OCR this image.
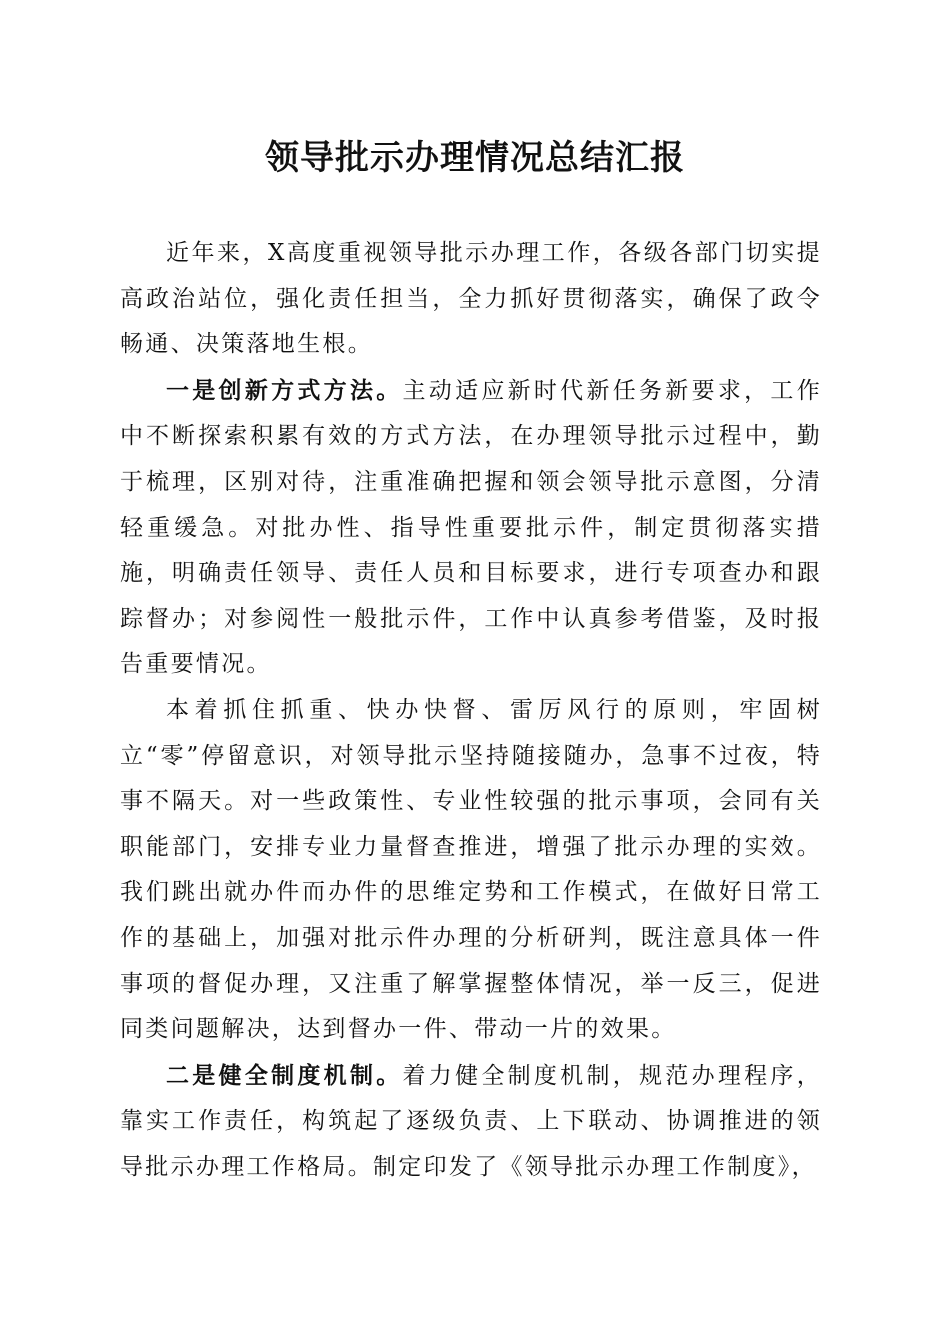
领导批示办理情况总结汇报

近年来，X高度重视领导批示办理工作，各级各部门切实提高政治站位，强化责任担当，全力抓好贯彻落实，确保了政令畅通、决策落地生根。

一是创新方式方法。主动适应新时代新任务新要求，工作中不断探索积累有效的方式方法，在办理领导批示过程中，勤于梳理，区别对待，注重准确把握和领会领导批示意图，分清轻重缓急。对批办性、指导性重要批示件，制定贯彻落实措施，明确责任领导、责任人员和目标要求，进行专项查办和跟踪督办；对参阅性一般批示件，工作中认真参考借鉴，及时报告重要情况。

本着抓住抓重、快办快督、雷厉风行的原则，牢固树立“零”停留意识，对领导批示坚持随接随办，急事不过夜，特事不隔天。对一些政策性、专业性较强的批示事项，会同有关职能部门，安排专业力量督查推进，增强了批示办理的实效。我们跳出就办件而办件的思维定势和工作模式，在做好日常工作的基础上，加强对批示件办理的分析研判，既注意具体一件事项的督促办理，又注重了解掌握整体情况，举一反三，促进同类问题解决，达到督办一件、带动一片的效果。

二是健全制度机制。着力健全制度机制，规范办理程序，靠实工作责任，构筑起了逐级负责、上下联动、协调推进的领导批示办理工作格局。制定印发了《领导批示办理工作制度》，
